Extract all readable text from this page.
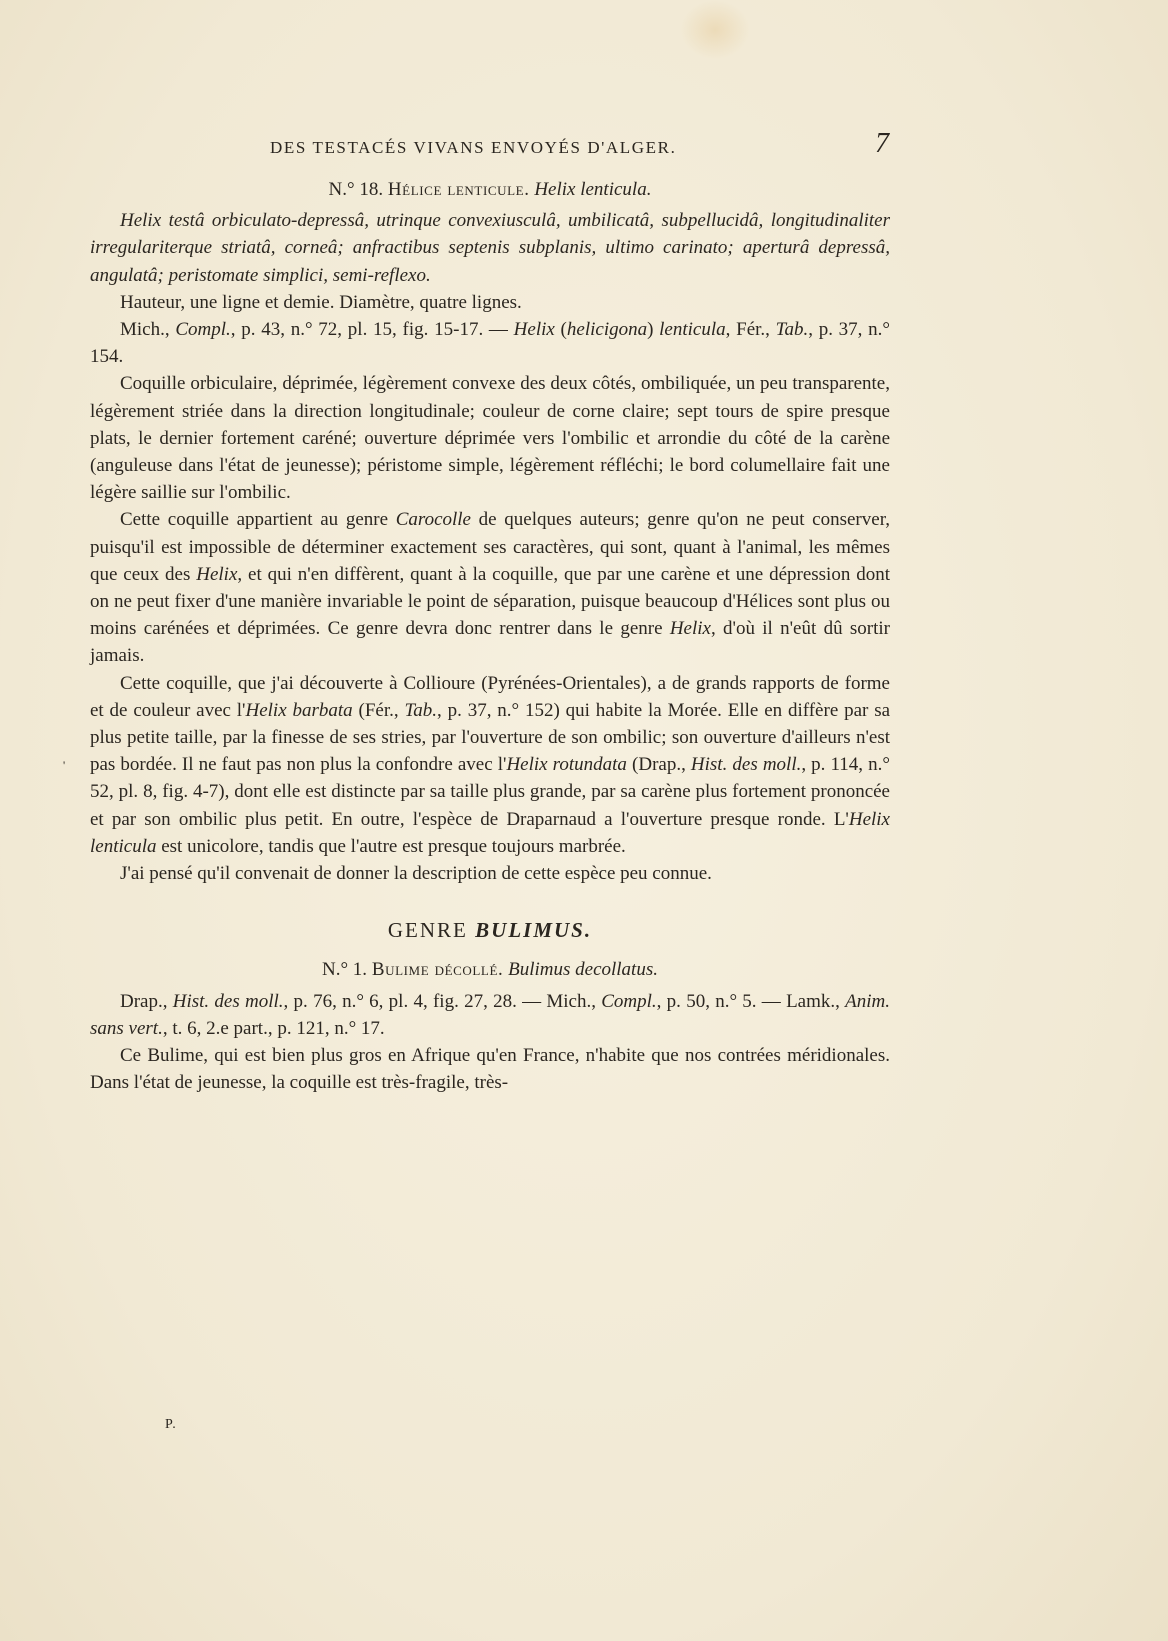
DES TESTACÉS VIVANS ENVOYÉS D'ALGER.	7
'

N.° 18. Hélice lenticule. Helix lenticula.

Helix testâ orbiculato-depressâ, utrinque convexiusculâ, umbilicatâ, subpellucidâ, longitudinaliter irregulariterque striatâ, corneâ; anfractibus septenis subplanis, ultimo carinato; aperturâ depressâ, angulatâ; peristomate simplici, semi-reflexo.

Hauteur, une ligne et demie. Diamètre, quatre lignes.

Mich., Compl., p. 43, n.° 72, pl. 15, fig. 15-17. — Helix (helicigona) lenticula, Fér., Tab., p. 37, n.° 154.

Coquille orbiculaire, déprimée, légèrement convexe des deux côtés, ombiliquée, un peu transparente, légèrement striée dans la direction longitudinale; couleur de corne claire; sept tours de spire presque plats, le dernier fortement caréné; ouverture déprimée vers l'ombilic et arrondie du côté de la carène (anguleuse dans l'état de jeunesse); péristome simple, légèrement réfléchi; le bord columellaire fait une légère saillie sur l'ombilic.

Cette coquille appartient au genre Carocolle de quelques auteurs; genre qu'on ne peut conserver, puisqu'il est impossible de déterminer exactement ses caractères, qui sont, quant à l'animal, les mêmes que ceux des Helix, et qui n'en diffèrent, quant à la coquille, que par une carène et une dépression dont on ne peut fixer d'une manière invariable le point de séparation, puisque beaucoup d'Hélices sont plus ou moins carénées et déprimées. Ce genre devra donc rentrer dans le genre Helix, d'où il n'eût dû sortir jamais.

Cette coquille, que j'ai découverte à Collioure (Pyrénées-Orientales), a de grands rapports de forme et de couleur avec l'Helix barbata (Fér., Tab., p. 37, n.° 152) qui habite la Morée. Elle en diffère par sa plus petite taille, par la finesse de ses stries, par l'ouverture de son ombilic; son ouverture d'ailleurs n'est pas bordée. Il ne faut pas non plus la confondre avec l'Helix rotundata (Drap., Hist. des moll., p. 114, n.° 52, pl. 8, fig. 4-7), dont elle est distincte par sa taille plus grande, par sa carène plus fortement prononcée et par son ombilic plus petit. En outre, l'espèce de Draparnaud a l'ouverture presque ronde. L'Helix lenticula est unicolore, tandis que l'autre est presque toujours marbrée.

J'ai pensé qu'il convenait de donner la description de cette espèce peu connue.

GENRE BULIMUS.

N.° 1. Bulime décollé. Bulimus decollatus.

Drap., Hist. des moll., p. 76, n.° 6, pl. 4, fig. 27, 28. — Mich., Compl., p. 50, n.° 5. — Lamk., Anim. sans vert., t. 6, 2.e part., p. 121, n.° 17.

Ce Bulime, qui est bien plus gros en Afrique qu'en France, n'habite que nos contrées méridionales. Dans l'état de jeunesse, la coquille est très-fragile, très-

P.
